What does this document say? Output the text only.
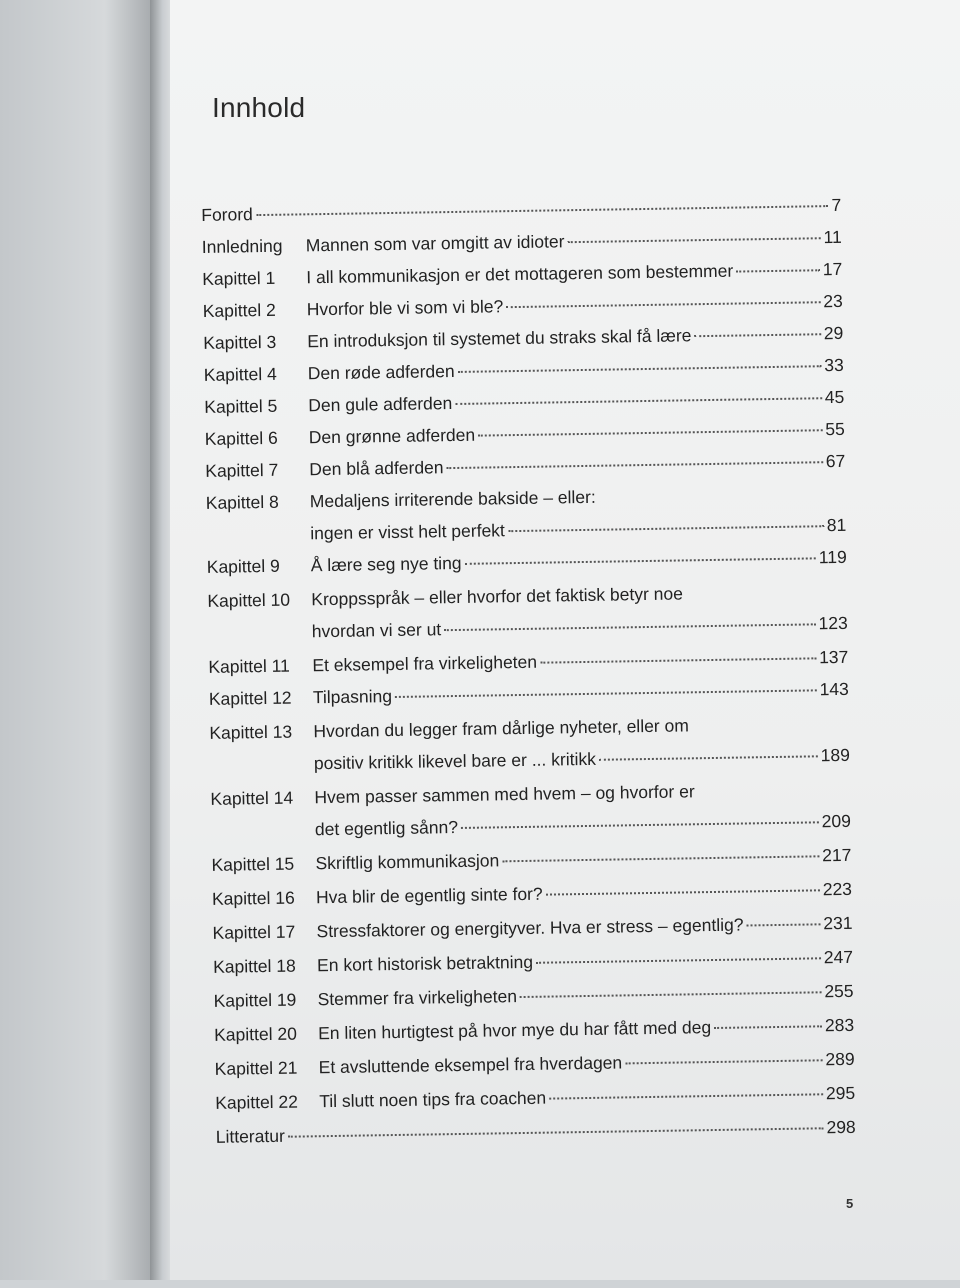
Innhold
Forord	7
Innledning Mannen som var omgitt av idioter	11
Kapittel 1 I all kommunikasjon er det mottageren som bestemmer	17
Kapittel 2 Hvorfor ble vi som vi ble?	23
Kapittel 3 En introduksjon til systemet du straks skal få lære	29
Kapittel 4 Den røde adferden	33
Kapittel 5 Den gule adferden	45
Kapittel 6 Den grønne adferden	55
Kapittel 7 Den blå adferden	67
Kapittel 8 Medaljens irriterende bakside – eller:
ingen er visst helt perfekt	81
Kapittel 9 Å lære seg nye ting	119
Kapittel 10 Kroppsspråk – eller hvorfor det faktisk betyr noe
hvordan vi ser ut	123
Kapittel 11 Et eksempel fra virkeligheten	137
Kapittel 12 Tilpasning	143
Kapittel 13 Hvordan du legger fram dårlige nyheter, eller om
positiv kritikk likevel bare er ... kritikk	189
Kapittel 14 Hvem passer sammen med hvem – og hvorfor er
det egentlig sånn?	209
Kapittel 15 Skriftlig kommunikasjon	217
Kapittel 16 Hva blir de egentlig sinte for?	223
Kapittel 17 Stressfaktorer og energityver. Hva er stress – egentlig?	231
Kapittel 18 En kort historisk betraktning	247
Kapittel 19 Stemmer fra virkeligheten	255
Kapittel 20 En liten hurtigtest på hvor mye du har fått med deg	283
Kapittel 21 Et avsluttende eksempel fra hverdagen	289
Kapittel 22 Til slutt noen tips fra coachen	295
Litteratur	298
5
